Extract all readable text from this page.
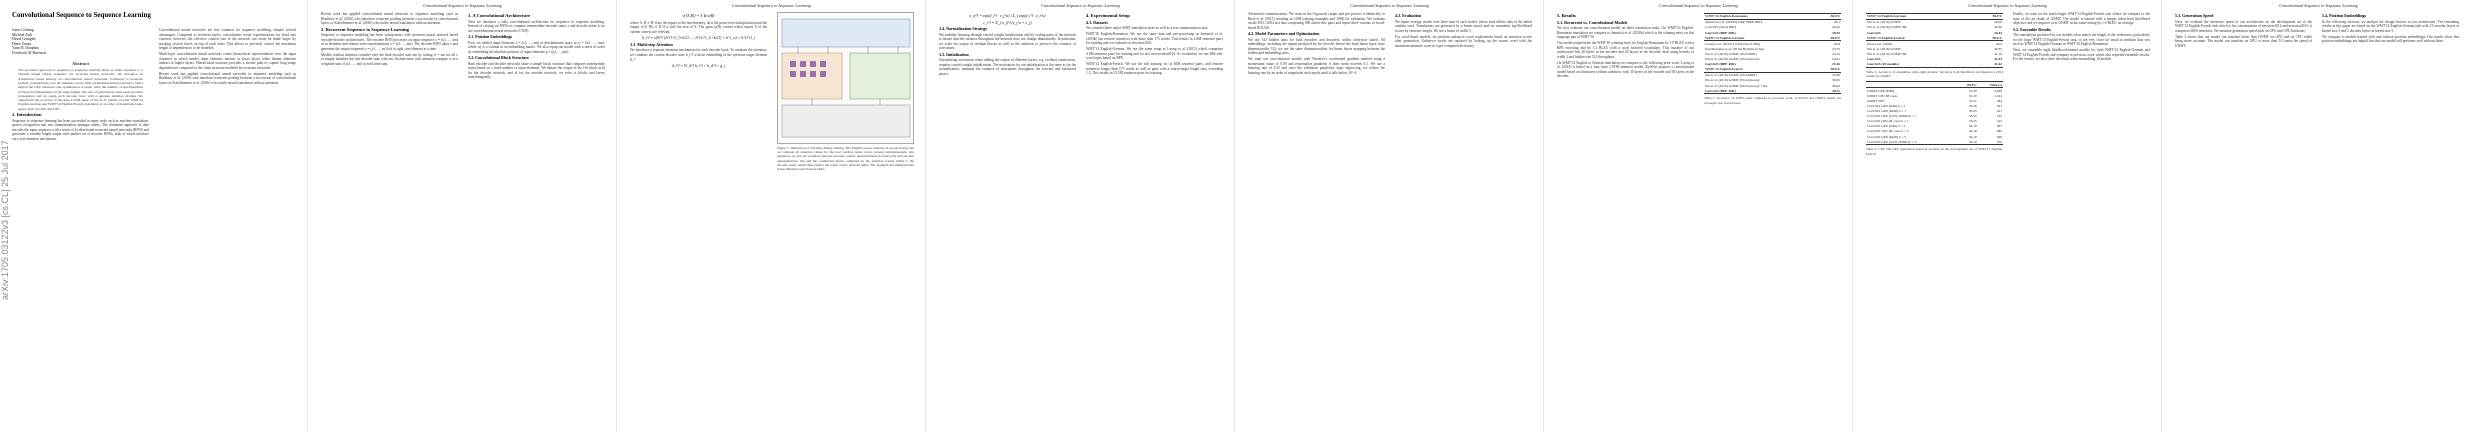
arXiv:1705.03122v3 [cs.CL] 25 Jul 2017
Convolutional Sequence to Sequence Learning
Jonas Gehring
Michael Auli
David Grangier
Denis Yarats
Yann N. Dauphin
Facebook AI Research
Abstract
The prevalent approach to sequence to sequence learning maps an input sequence to a variable length output sequence via recurrent neural networks. We introduce an architecture based entirely on convolutional neural networks. Compared to recurrent models, computations over all elements can be fully parallelized during training to better exploit the GPU hardware and optimization is easier since the number of non-linearities is fixed and independent of the input length. Our use of gated linear units eases gradient propagation and we equip each decoder layer with a separate attention module. We outperform the accuracy of the deep LSTM setup of Wu et al. (2016) on both WMT'14 English-German and WMT'14 English-French translation at an order of magnitude faster speed, both on GPU and CPU.
1. Introduction

Sequence to sequence learning has been successful in many tasks such as machine translation, speech recognition and text summarization amongst others. The dominant approach to date encodes the input sequence with a series of bi-directional recurrent neural networks (RNN) and generates a variable length output with another set of decoder RNNs, both of which interface via a soft-attention mechanism.

Convolutional neural networks are less common for sequence modeling, despite several advantages. Compared to recurrent layers, convolutions create representations for fixed size contexts, however, the effective context size of the network can easily be made larger by stacking several layers on top of each other. This allows to precisely control the maximum length of dependencies to be modeled.

Multi-layer convolutional neural networks create hierarchical representations over the input sequence in which nearby input elements interact at lower layers while distant elements interact at higher layers. Hierarchical structure provides a shorter path to capture long-range dependencies compared to the chain structure modeled by recurrent networks.

Recent work has applied convolutional neural networks to sequence modeling such as Bradbury et al. (2016) who introduce recurrent pooling between a succession of convolutional layers or Kalchbrenner et al. (2016) who tackle neural translation without attention.

Convolutional Sequence to Sequence Learning

Recent work has applied convolutional neural networks to sequence modeling such as Bradbury et al. (2016) who introduce recurrent pooling between a succession of convolutional layers or Kalchbrenner et al. (2016) who tackle neural translation without attention.

2. Recurrent Sequence to Sequence Learning

Sequence to sequence modeling has been synonymous with recurrent neural network based encoder-decoder architectures. The encoder RNN processes an input sequence x = (x1, ..., xm) of m elements and returns state representations z = (z1, ..., zm). The decoder RNN takes z and generates the output sequence y = (y1, ..., yn) left to right, one element at a time.

Models without attention consider only the final encoder state zm by setting ci = zm for all i, or simply initialize the first decoder state with zm. Architectures with attention compute ci as a weighted sum of (z1, ..., zm) at each time step.

3. A Convolutional Architecture

Next we introduce a fully convolutional architecture for sequence to sequence modeling. Instead of relying on RNNs to compute intermediate encoder states z and decoder states h we use convolutional neural networks (CNN).

3.1. Position Embeddings

First, we embed input elements x = (x1, ..., xm) in distributional space as w = (w1, ..., wm), where wj is a column in an embedding matrix. We also equip our model with a sense of order by embedding the absolute position of input elements p = (p1, ..., pm).

3.2. Convolutional Block Structure

Both encoder and decoder networks share a simple block structure that computes intermediate states based on a fixed number of input elements. We denote the output of the l-th block as hl for the decoder network, and zl for the encoder network; we refer to blocks and layers interchangeably.

Convolutional Sequence to Sequence Learning
v([A B]) = A ⊗ σ(B)

where A, B ∈ R^d are the inputs to the non-linearity, ⊗ is the point-wise multiplication and the output v([A B]) ∈ R^d is half the size of Y. The gates σ(B) control which inputs A of the current context are relevant.

h_i^l = v(W^l [h^{l-1}_{i-k/2}, ..., h^{l-1}_{i+k/2}] + b^l_w) + h^{l-1}_i
3.3. Multi-step Attention

We introduce a separate attention mechanism for each decoder layer. To compute the attention, we combine the current decoder state h_i^l with an embedding of the previous target element g_i:

d_i^l = W_d^l h_i^l + b_d^l + g_i
Figure 1. Illustration of batching during training. The English source sentence is encoded (top) and we compute all attention values for the four German target words (center) simultaneously. Our attentions are just dot products between decoder context representations (bottom left) and encoder representations. We add the conditional inputs computed by the attention (center right) to the decoder states which then predict the target words (bottom right). The sigmoid and multiplicative boxes illustrate Gated Linear Units.
Convolutional Sequence to Sequence Learning
a_ij^l = exp(d_i^l · z_j^u) / Σ_t exp(d_i^l · z_t^u)
c_i^l = Σ_j a_ij^l (z_j^u + e_j)
3.4. Normalization Strategy

We stabilize learning through careful weight initialization and by scaling parts of the network to ensure that the variance throughout the network does not change dramatically. In particular, we scale the output of residual blocks as well as the attention to preserve the variance of activations.

3.5. Initialization

Normalizing activations when adding the output of different layers, e.g. residual connections, requires careful weight initialization. The motivation for our initialization is the same as for the normalization: maintain the variance of activations throughout the forward and backward passes.

4. Experimental Setup
4.1. Datasets

We consider three major WMT translation tasks as well as a text summarization task.

WMT'16 English-Romanian. We use the same data and pre-processing as Sennrich et al. (2016b) but remove sentences with more than 175 words. This results in 2.8M sentence pairs for training and we evaluate on newstest2016.

WMT'14 English-German. We use the same setup as Luong et al. (2015) which comprises 4.5M sentence pairs for training and we test on newstest2014. As vocabulary we use 40K sub-word types based on BPE.

WMT'14 English-French. We use the full training set of 36M sentence pairs, and remove sentences longer than 175 words as well as pairs with a source/target length ratio exceeding 1.5. This results in 35.5M sentence-pairs for training.

Convolutional Sequence to Sequence Learning

Abstractive summarization. We train on the Gigaword corpus and pre-process it identically to Rush et al. (2015) resulting in 3.8M training examples and 190K for validation. We evaluate on the DUC-2004 test data comprising 500 article-title pairs and report three variants of recall-based ROUGE.

4.2. Model Parameters and Optimization

We use 512 hidden units for both encoders and decoders, unless otherwise stated. All embeddings, including the output produced by the decoder before the final linear layer, have dimensionality 512; we use the same dimensionalities for linear layers mapping between the hidden and embedding sizes.

We train our convolutional models with Nesterov's accelerated gradient method using a momentum value of 0.99 and renormalize gradients if their norm exceeds 0.1. We use a learning rate of 0.25 and once the validation perplexity stops improving, we reduce the learning rate by an order of magnitude each epoch until it falls below 10^-4.

4.3. Evaluation

We report average results over three runs of each model, where each differs only in the initial random seed. Translations are generated by a beam search and we normalize log-likelihood scores by sentence length. We use a beam of width 5.

For word-based models, we perform unknown word replacement based on attention scores after generation. Unknown words are replaced by looking up the source word with the maximum attention score in a pre-computed dictionary.

Convolutional Sequence to Sequence Learning
5. Results
5.1. Recurrent vs. Convolutional Models

We first evaluate our convolutional model on three translation tasks. On WMT'16 English-Romanian translation we compare to Sennrich et al. (2016b) which is the winning entry on this language pair at WMT'16.

Our model outperforms the WMT'16 winning entry for English-Romanian by 1.9 BLEU with a BPE encoding and by 1.3 BLEU with a word factored vocabulary. This instance of our architecture has 20 layers in the encoder and 20 layers in the decoder, both using kernels of width 3 and hidden size 512 throughout.

On WMT'14 English to German translation we compare to the following prior work: Luong et al. (2015) is based on a four layer LSTM attention model, ByteNet propose a convolutional model based on characters without attention, with 30 layers in the encoder and 30 layers in the decoder.

WMT'16 English-Romanian	BLEU
Sennrich et al. (2016b) GRU (BPE 90K)	28.1
ConvS2S (Word 80K)	29.45
ConvS2S (BPE 40K)	30.02
WMT'14 English-German	BLEU
Luong et al. (2015) LSTM (Word 50K)	20.9
Kalchbrenner et al. (2016) ByteNet (Char)	23.75
Wu et al. (2016) GNMT (Word 80K)	23.12
Wu et al. (2016) GNMT (Word pieces)	24.61
ConvS2S (BPE 40K)	25.16
WMT'14 English-French	BLEU
Wu et al. (2016) GNMT (Word 80K)	37.90
Wu et al. (2016) GNMT (Word pieces)	38.95
Wu et al. (2016) GNMT (Word pieces) + RL	39.92
ConvS2S (BPE 40K)	40.51
Table 1. Accuracy on WMT tasks compared to previous work. ConvS2S and GNMT results are averaged over several runs.
Convolutional Sequence to Sequence Learning
WMT'14 English-German	BLEU
Wu et al. (2016) GNMT	26.20
Wu et al. (2016) GNMT+RL	26.30
ConvS2S	26.43
WMT'14 English-French	BLEU
Zhou et al. (2016)	40.4
Wu et al. (2016) GNMT	40.35
Wu et al. (2016) GNMT+RL	41.16
ConvS2S	41.44
ConvS2S (10 models)	41.62
Table 2. Accuracy of ensembles with eight models. We show both likelihood and Reinforce (RL) results for GNMT.
	BLEU	Time (s)
GNMT GPU (K80)	31.20	3,028
GNMT CPU 88 cores	31.20	1,322
GNMT TPU	31.21	384
ConvS2S GPU (K40) b = 1	33.45	327
ConvS2S GPU (M40) b = 1	33.45	221
ConvS2S GPU (GTX-1080ti) b = 1	33.45	142
ConvS2S CPU 48 cores b = 1	33.45	142
ConvS2S GPU (K40) b = 5	34.10	587
ConvS2S CPU 48 cores b = 5	34.10	482
ConvS2S GPU (M40) b = 5	34.10	406
ConvS2S GPU (GTX-1080ti) b = 5	34.10	256
Table 3. CPU and GPU generation speed in seconds on the development set of WMT'14 English-French.

Finally, we train on the much larger WMT'14 English-French task where we compare to the state of the art result of GNMT. Our model is trained with a simple token-level likelihood objective and we improve over GNMT in the same setting by 1.6 BLEU on average.

5.2. Ensemble Results

The translations produced by our models often match the length of the references, particularly for the large WMT'14 English-French task, or are very close for small to medium data sets such as WMT'14 English-German or WMT'16 English-Romanian.

Next, we ensemble eight likelihood-trained models for both WMT'14 English-German and WMT'14 English-French and compare to previous work which also reported ensemble results. For the former, we also show the result when ensembling 10 models.

Convolutional Sequence to Sequence Learning
5.3. Generation Speed

Next, we evaluate the inference speed of our architecture on the development set of the WMT'14 English-French task which is the concatenation of newstest2012 and newstest2013; it comprises 6003 sentences. We measure generation speed both on GPU and CPU hardware.

Table 3 shows that our model can translate faster than GNMT on GPU and on CPU while being more accurate. The model can translate on GPU at more than 9.3 times the speed of GNMT.

5.4. Position Embeddings

In the following sections, we analyze the design choices in our architecture. The remaining results in this paper are based on the WMT'14 English-German task with 13 encoder layers at kernel size 3 and 5 decoder layers at kernel size 5.

We compare to models trained with and without position embeddings. Our results show that position embeddings are helpful but that our model still performs well without them.
